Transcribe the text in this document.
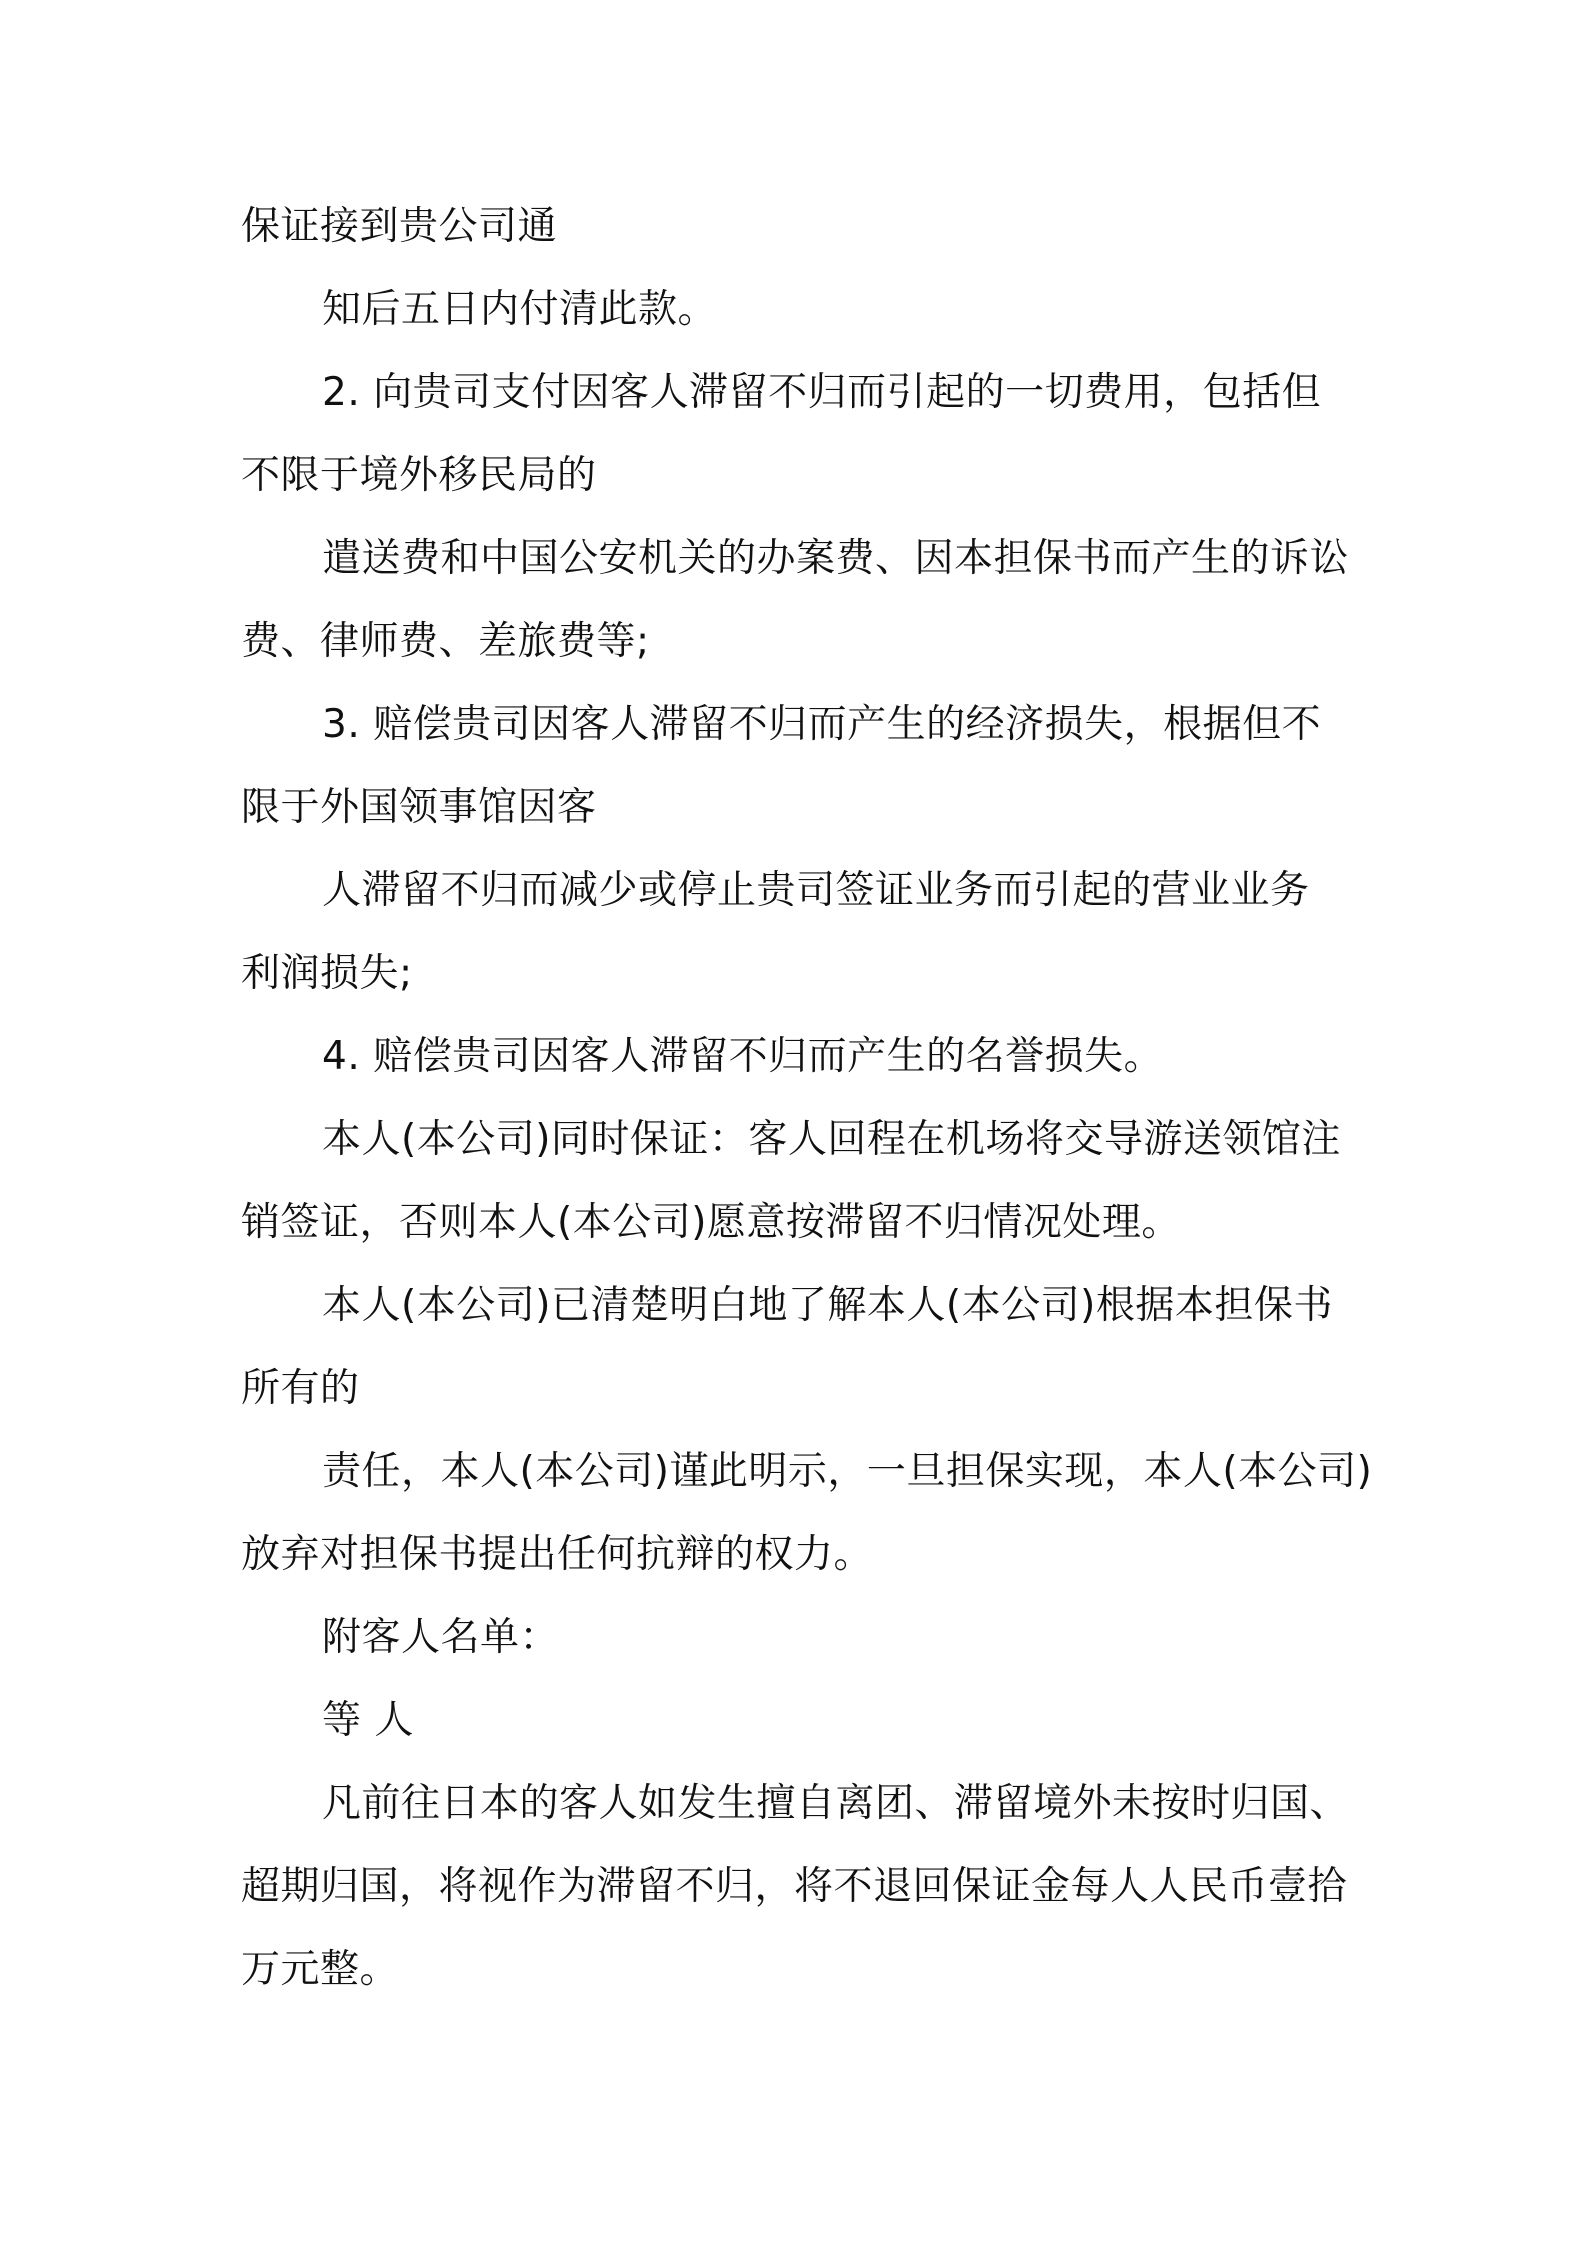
保证接到贵公司通

知后五日内付清此款。

2. 向贵司支付因客人滞留不归而引起的一切费用，包括但

不限于境外移民局的

遣送费和中国公安机关的办案费、因本担保书而产生的诉讼

费、律师费、差旅费等;

3. 赔偿贵司因客人滞留不归而产生的经济损失，根据但不

限于外国领事馆因客

人滞留不归而减少或停止贵司签证业务而引起的营业业务

利润损失;

4. 赔偿贵司因客人滞留不归而产生的名誉损失。

本人(本公司)同时保证：客人回程在机场将交导游送领馆注

销签证，否则本人(本公司)愿意按滞留不归情况处理。

本人(本公司)已清楚明白地了解本人(本公司)根据本担保书

所有的

责任，本人(本公司)谨此明示，一旦担保实现，本人(本公司)

放弃对担保书提出任何抗辩的权力。

附客人名单：

等 人

凡前往日本的客人如发生擅自离团、滞留境外未按时归国、

超期归国，将视作为滞留不归，将不退回保证金每人人民币壹拾

万元整。
